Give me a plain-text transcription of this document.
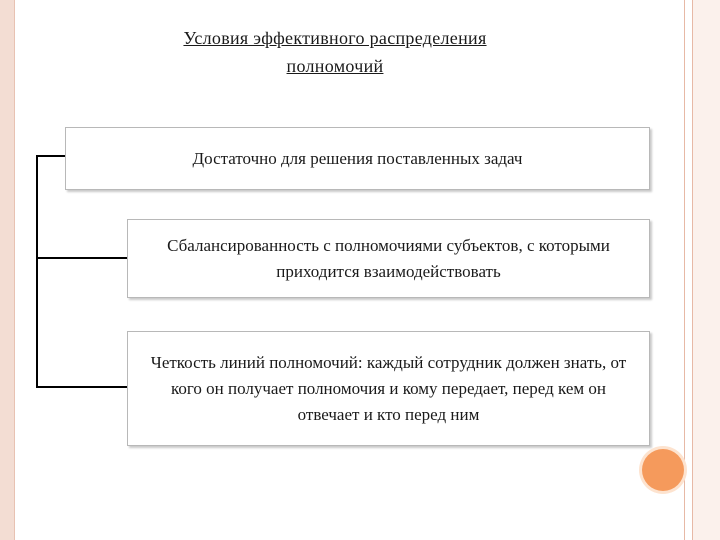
Условия эффективного распределения
полномочий
Достаточно для решения поставленных задач
Сбалансированность с полномочиями субъектов, с которыми приходится взаимодействовать
Четкость линий полномочий: каждый сотрудник должен знать, от кого он получает полномочия и кому передает, перед кем он отвечает и кто перед ним
